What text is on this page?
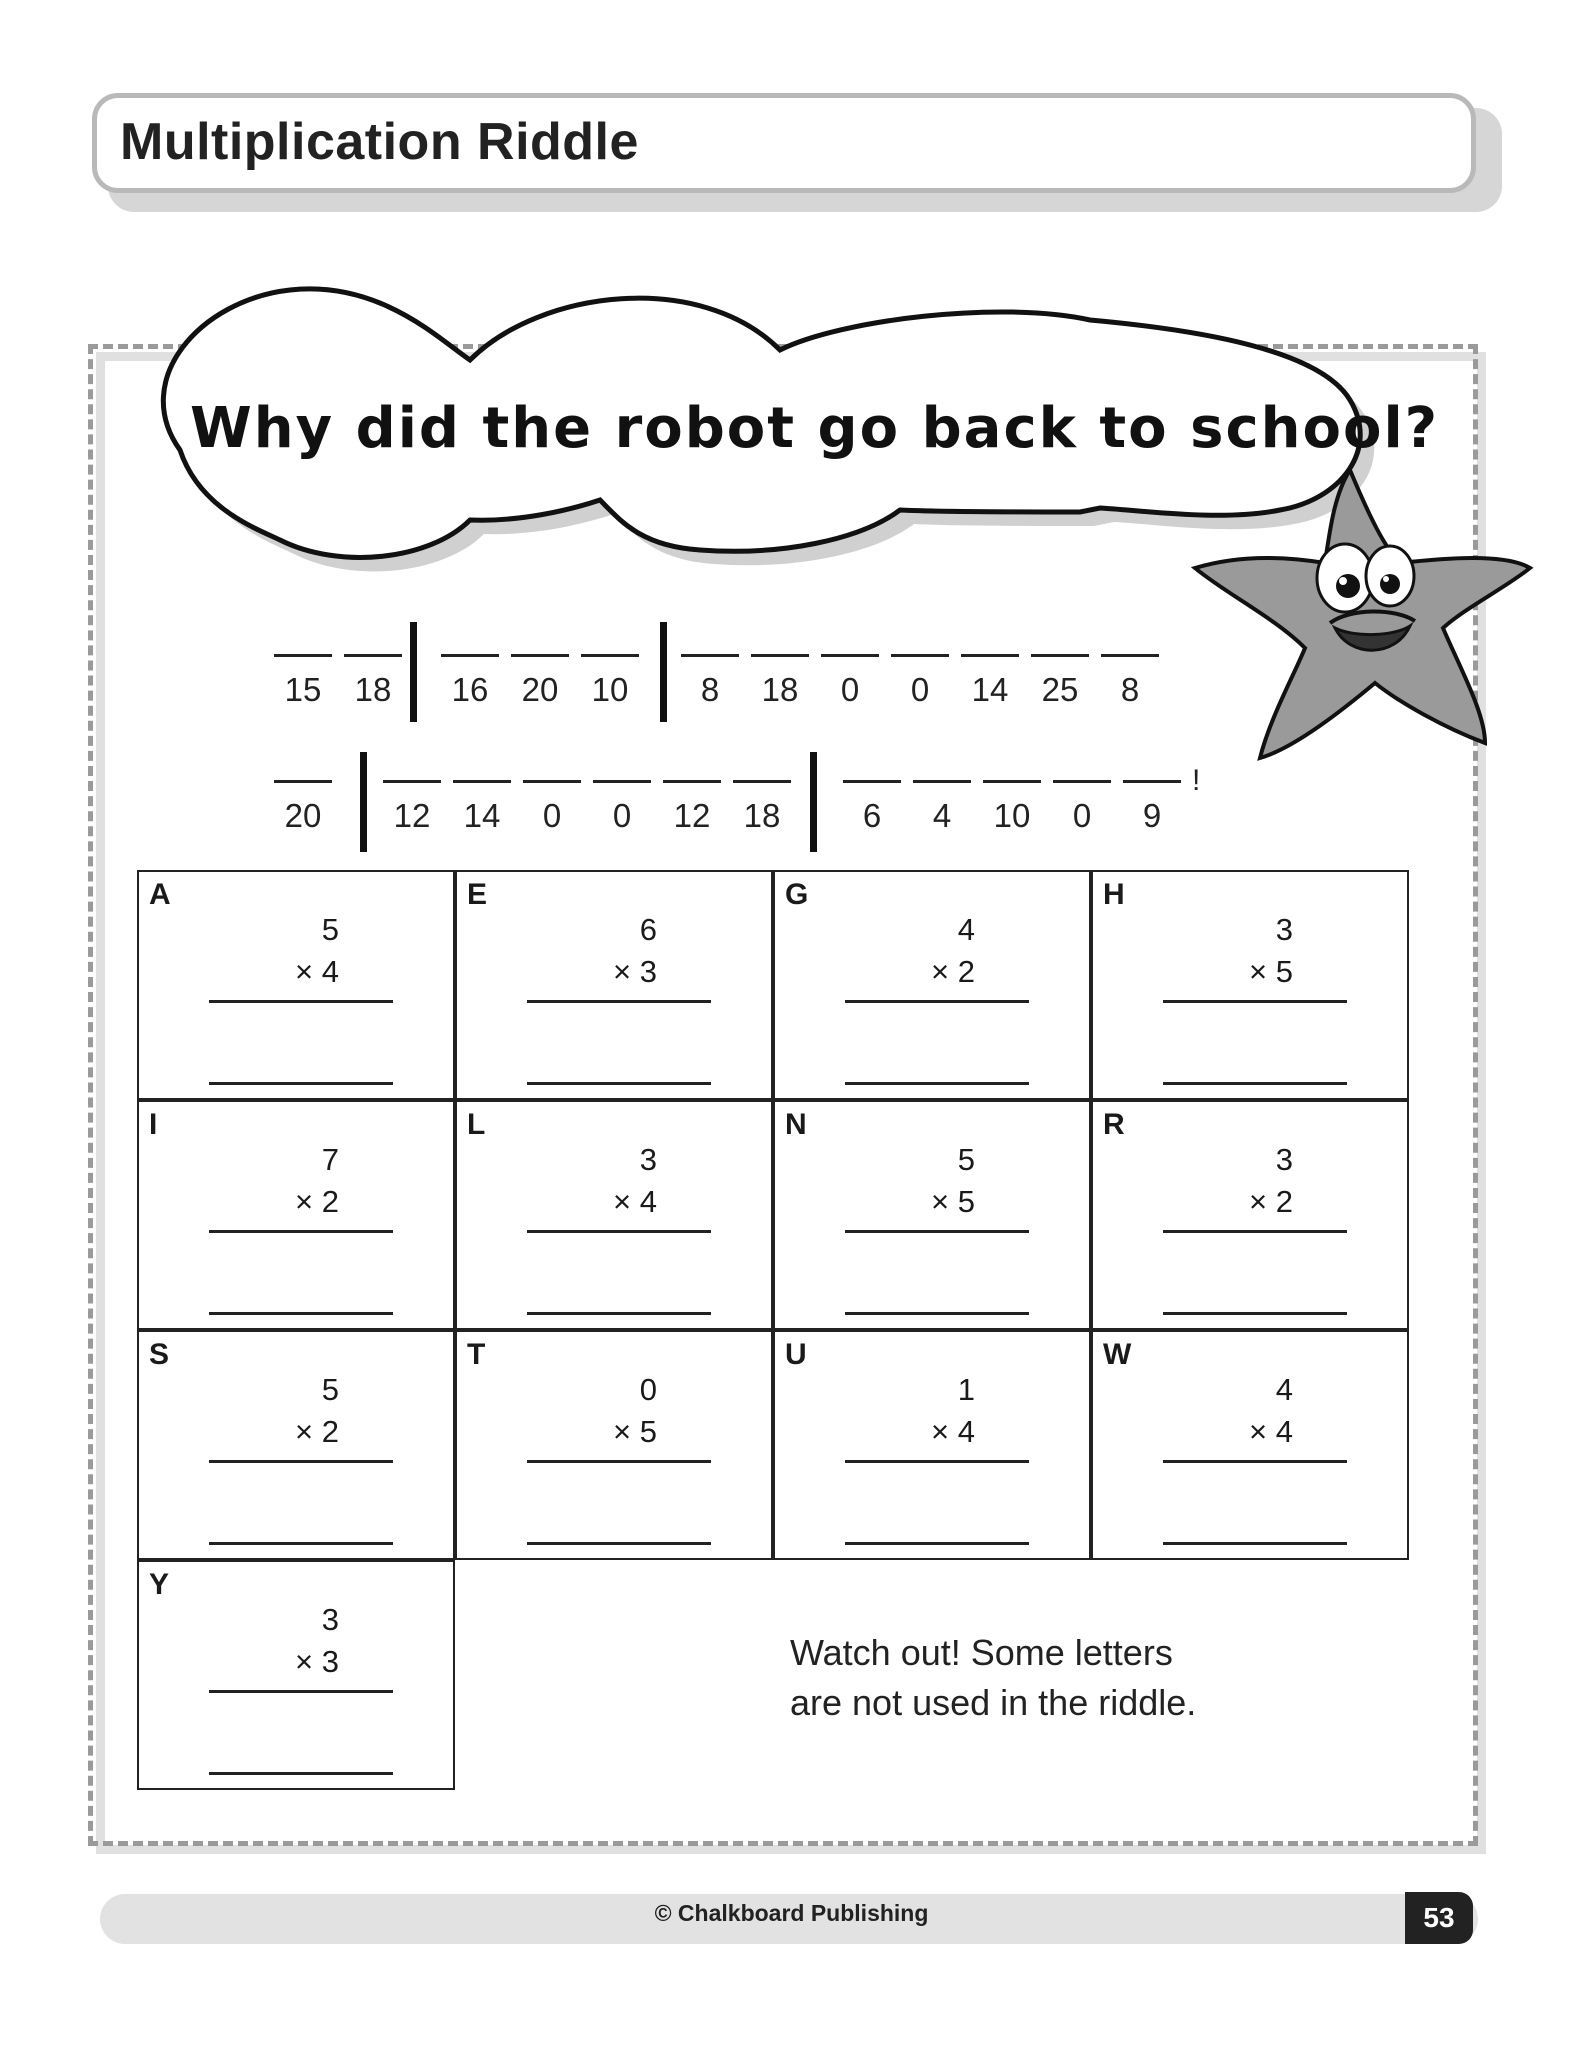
Multiplication Riddle
Why did the robot go back to school?
15	18	16	20	10	8	18	0	0	14	25	8
20	12	14	0	0	12	18	6	4	10	0	9
!
A
5
× 4
E
6
× 3
G
4
× 2
H
3
× 5
I
7
× 2
L
3
× 4
N
5
× 5
R
3
× 2
S
5
× 2
T
0
× 5
U
1
× 4
W
4
× 4
Y
3
× 3	Watch out! Some letters
are not used in the riddle.
© Chalkboard Publishing	53
